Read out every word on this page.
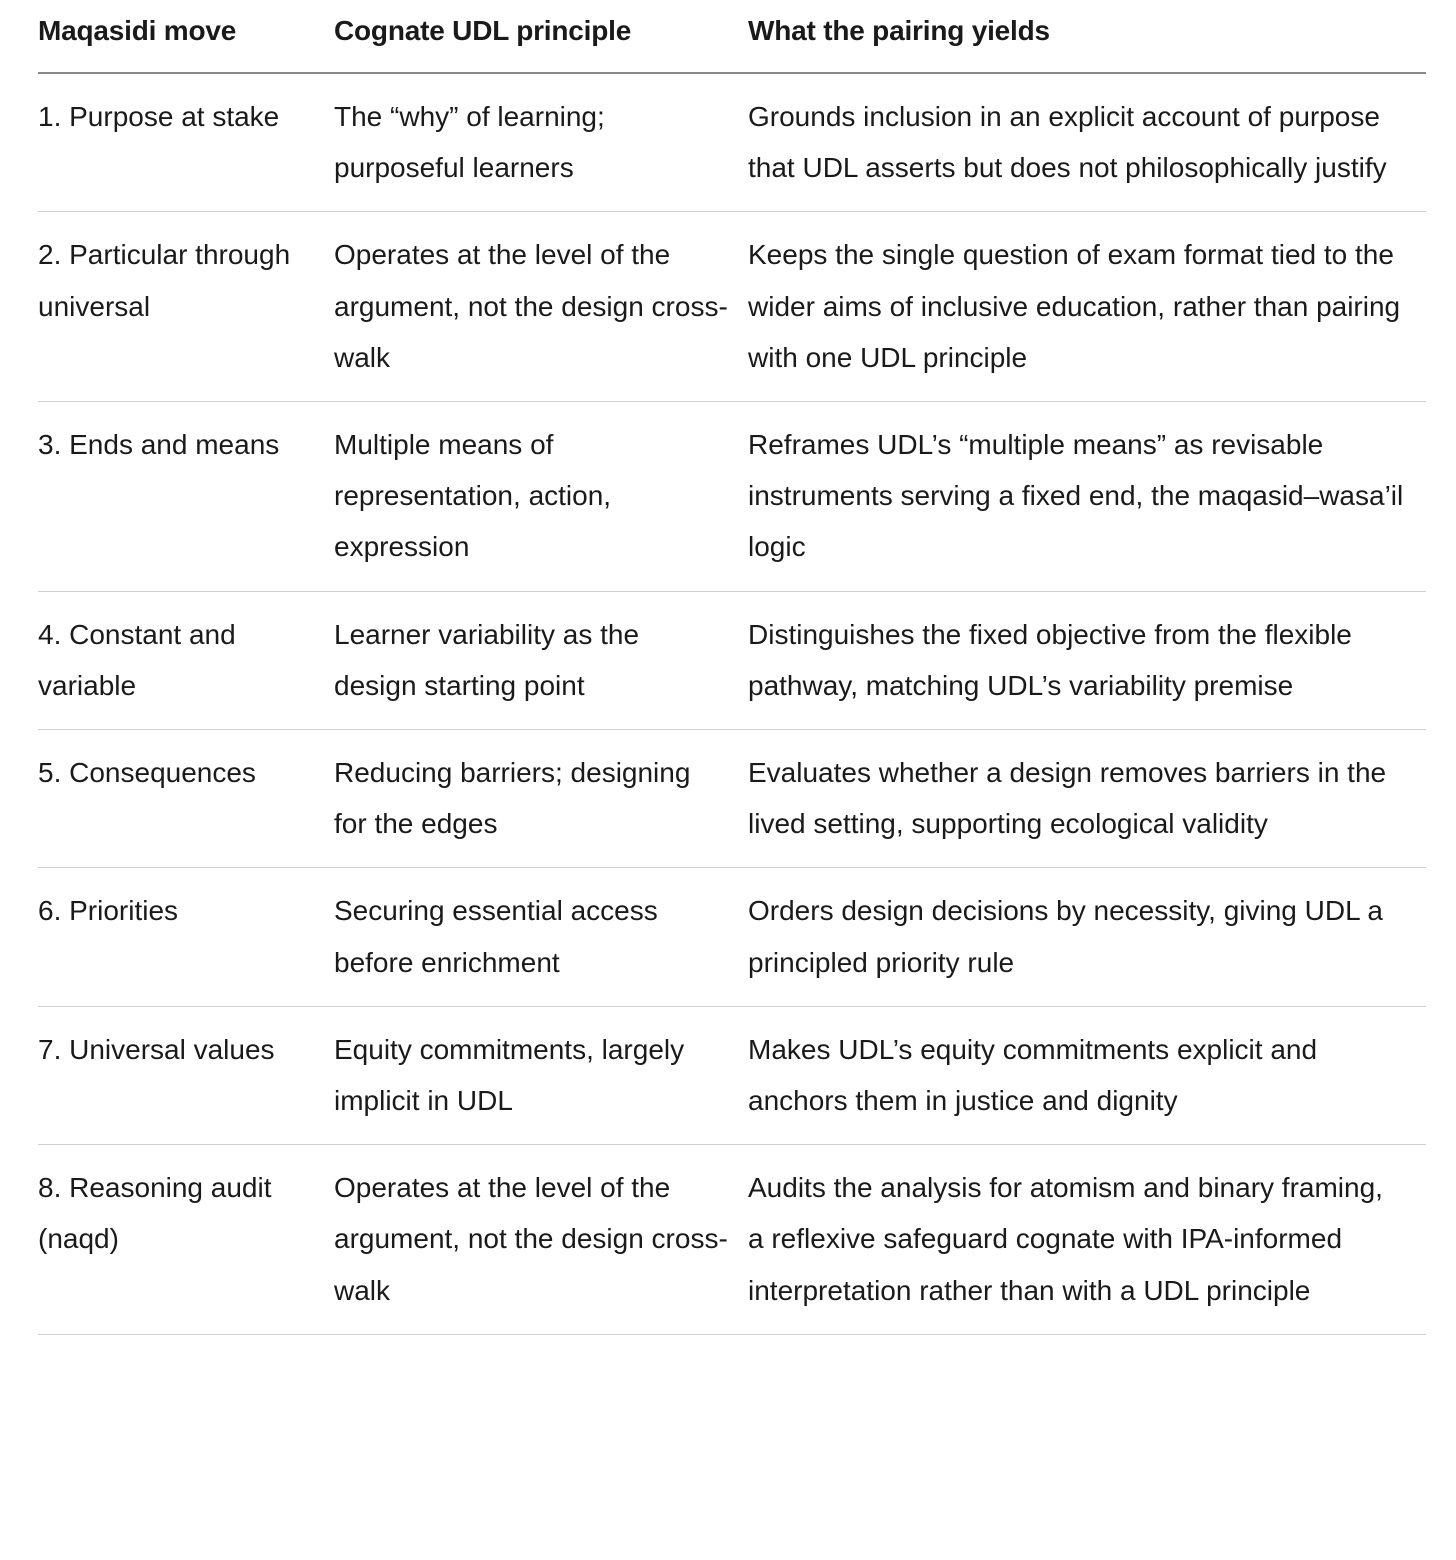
Maqasidi move	Cognate UDL principle	What the pairing yields
1. Purpose at stake	The “why” of learning; purposeful learners	Grounds inclusion in an explicit account of purpose that UDL asserts but does not philosophically justify
2. Particular through universal	Operates at the level of the argument, not the design cross-walk	Keeps the single question of exam format tied to the wider aims of inclusive education, rather than pairing with one UDL principle
3. Ends and means	Multiple means of representation, action, expression	Reframes UDL’s “multiple means” as revisable instruments serving a fixed end, the maqasid–wasa’il logic
4. Constant and variable	Learner variability as the design starting point	Distinguishes the fixed objective from the flexible pathway, matching UDL’s variability premise
5. Consequences	Reducing barriers; designing for the edges	Evaluates whether a design removes barriers in the lived setting, supporting ecological validity
6. Priorities	Securing essential access before enrichment	Orders design decisions by necessity, giving UDL a principled priority rule
7. Universal values	Equity commitments, largely implicit in UDL	Makes UDL’s equity commitments explicit and anchors them in justice and dignity
8. Reasoning audit (naqd)	Operates at the level of the argument, not the design cross-walk	Audits the analysis for atomism and binary framing, a reflexive safeguard cognate with IPA-informed interpretation rather than with a UDL principle
